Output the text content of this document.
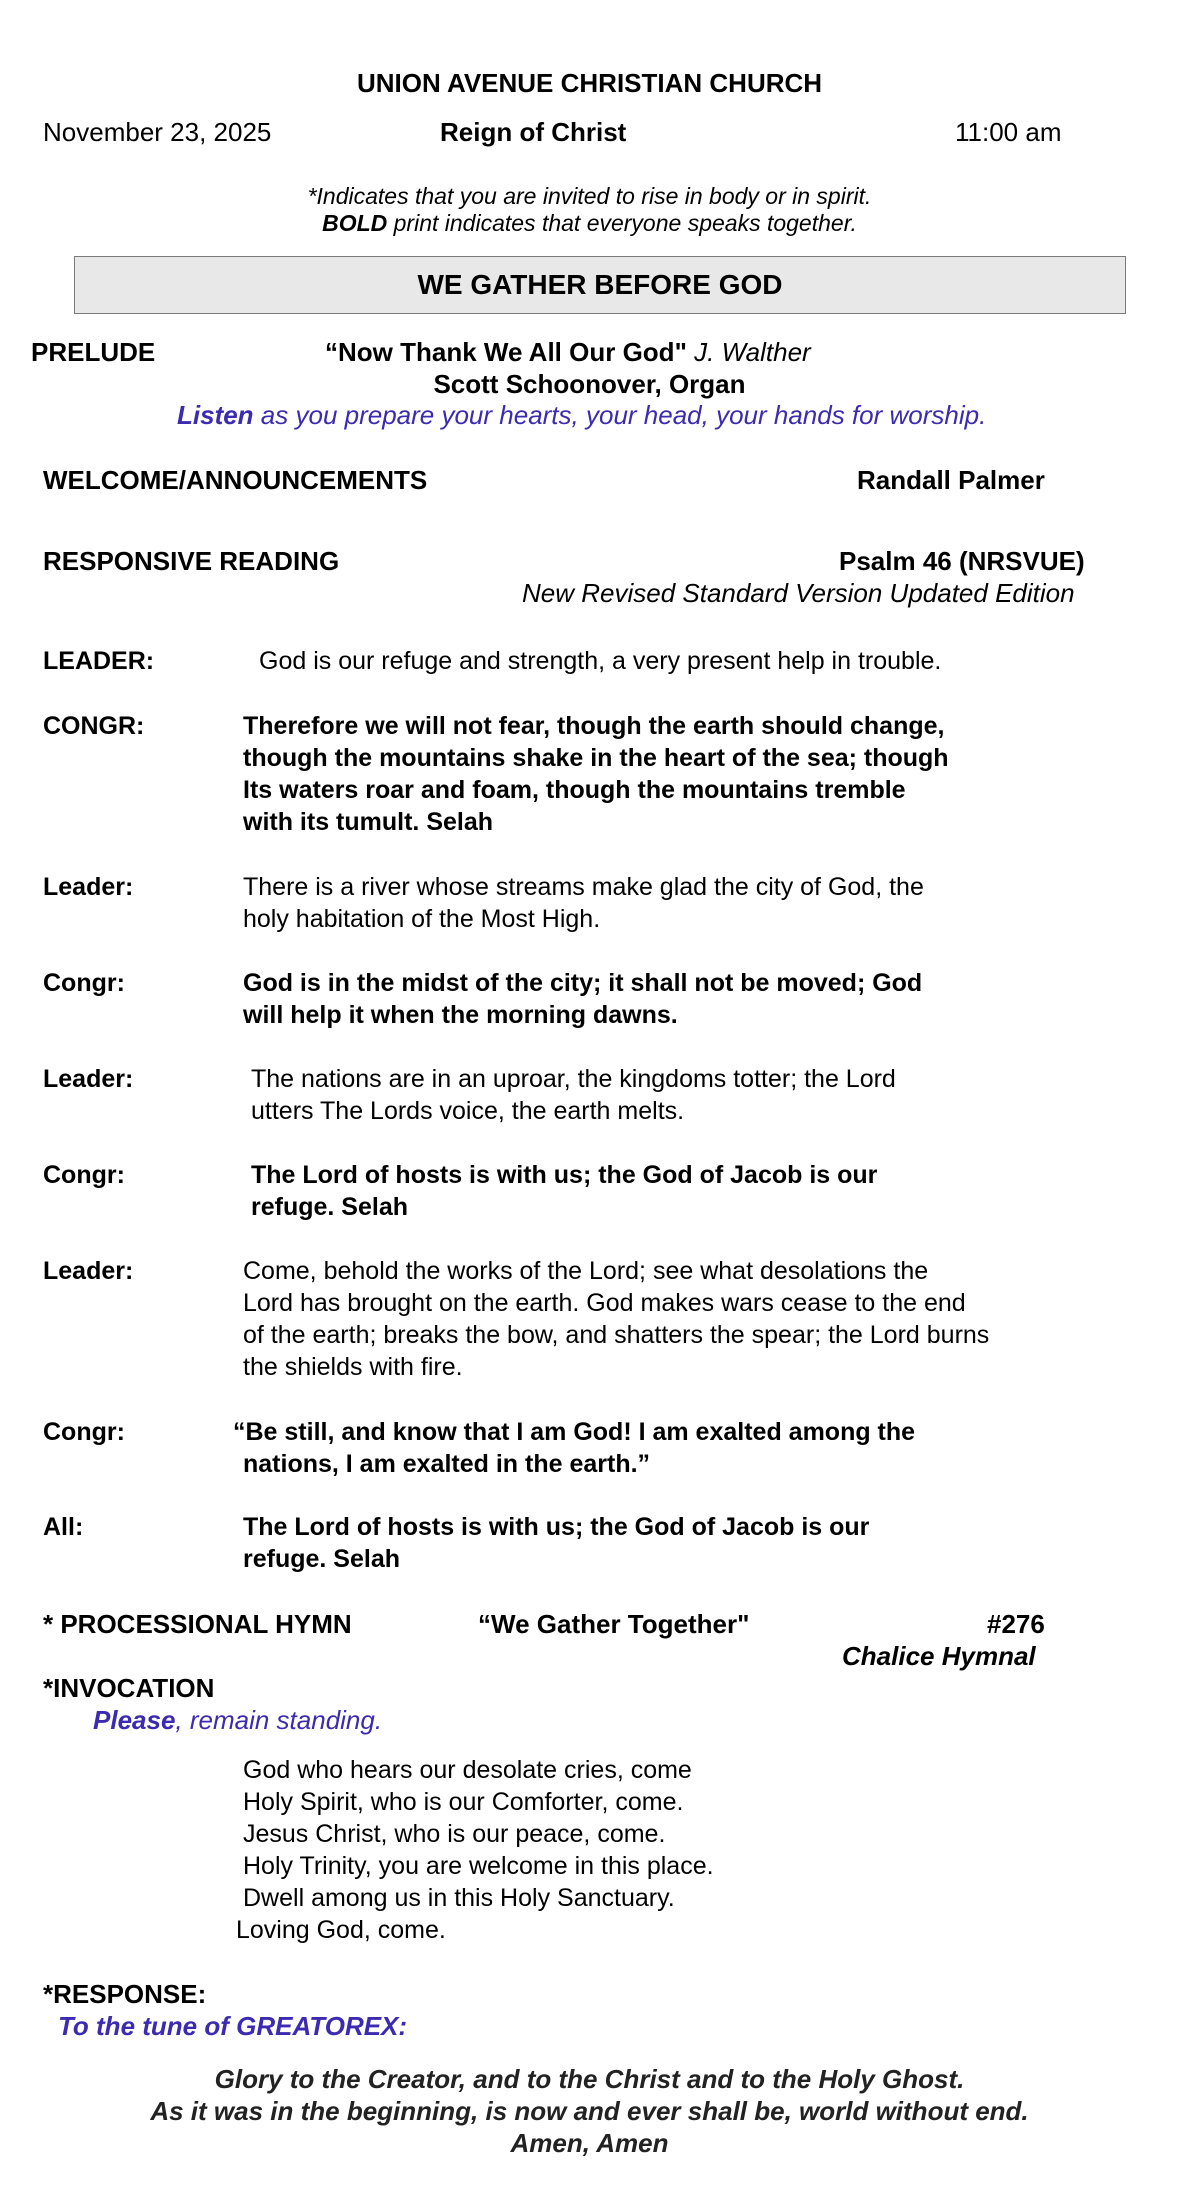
UNION AVENUE CHRISTIAN CHURCH
November 23, 2025	Reign of Christ	11:00 am
*Indicates that you are invited to rise in body or in spirit.
BOLD print indicates that everyone speaks together.
WE GATHER BEFORE GOD
PRELUDE	“Now Thank We All Our God" J. Walther
Scott Schoonover, Organ
Listen as you prepare your hearts, your head, your hands for worship.
WELCOME/ANNOUNCEMENTS	Randall Palmer
RESPONSIVE READING	Psalm 46 (NRSVUE)
New Revised Standard Version Updated Edition
LEADER:	God is our refuge and strength, a very present help in trouble.
CONGR:	Therefore we will not fear, though the earth should change,
though the mountains shake in the heart of the sea; though
Its waters roar and foam, though the mountains tremble
with its tumult. Selah
Leader:	There is a river whose streams make glad the city of God, the
holy habitation of the Most High.
Congr:	God is in the midst of the city; it shall not be moved; God
will help it when the morning dawns.
Leader:	The nations are in an uproar, the kingdoms totter; the Lord
utters The Lords voice, the earth melts.
Congr:	The Lord of hosts is with us; the God of Jacob is our
refuge. Selah
Leader:	Come, behold the works of the Lord; see what desolations the
Lord has brought on the earth. God makes wars cease to the end
of the earth; breaks the bow, and shatters the spear; the Lord burns
the shields with fire.
Congr:	“Be still, and know that I am God! I am exalted among the
nations, I am exalted in the earth.”
All:	The Lord of hosts is with us; the God of Jacob is our
refuge. Selah
* PROCESSIONAL HYMN	“We Gather Together"	#276
Chalice Hymnal
*INVOCATION
Please, remain standing.
God who hears our desolate cries, come
Holy Spirit, who is our Comforter, come.
Jesus Christ, who is our peace, come.
Holy Trinity, you are welcome in this place.
Dwell among us in this Holy Sanctuary.
Loving God, come.
*RESPONSE:
To the tune of GREATOREX:
Glory to the Creator, and to the Christ and to the Holy Ghost.
As it was in the beginning, is now and ever shall be, world without end.
Amen, Amen
